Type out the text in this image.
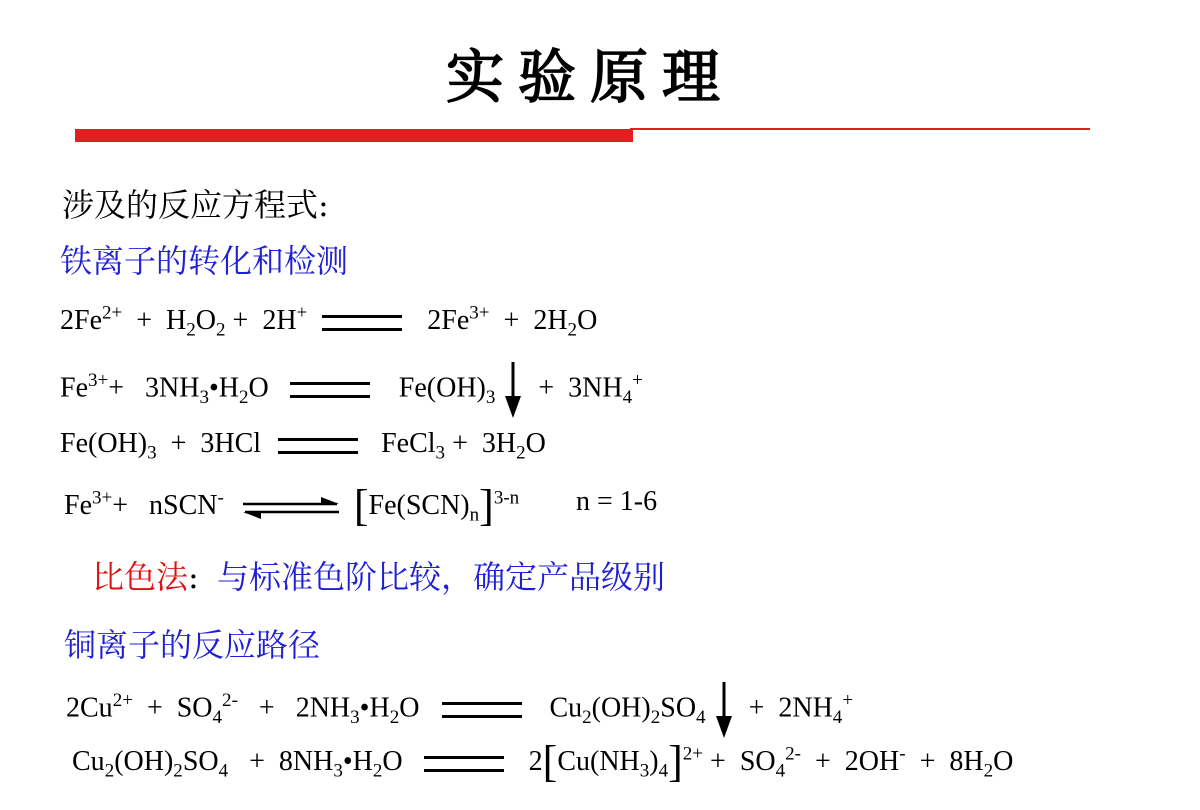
实验原理
涉及的反应方程式:
铁离子的转化和检测
$2Fe^{2+} + H_2O_2 + 2H^+$	$2Fe^{3+} + 2H_2O$
$Fe^{3+}+$   $3NH_3•H_2O$	$Fe(OH)_3 + 3NH_4^+$
$Fe(OH)_3 + 3HCl$	FeCl$_3$ +  $3H_2O$
$Fe^{3+}+$   nSCN- ⇌ $[Fe(SCN)_n]^{3-n}$ n = 1-6
比色法: 与标准色阶比较，确定产品级别
铜离子的反应路径
$2Cu^{2+} + SO_4^{2-}$   +   $2NH_3•H_2O$	$Cu_2(OH)_2SO_4 + 2NH_4^+$
$Cu_2(OH)_2SO_4$   +  $8NH_3•H_2O$	$2[Cu(NH_3)_4]^{2+} + SO_4^{2-} + 2OH^- + 8H_2O$
